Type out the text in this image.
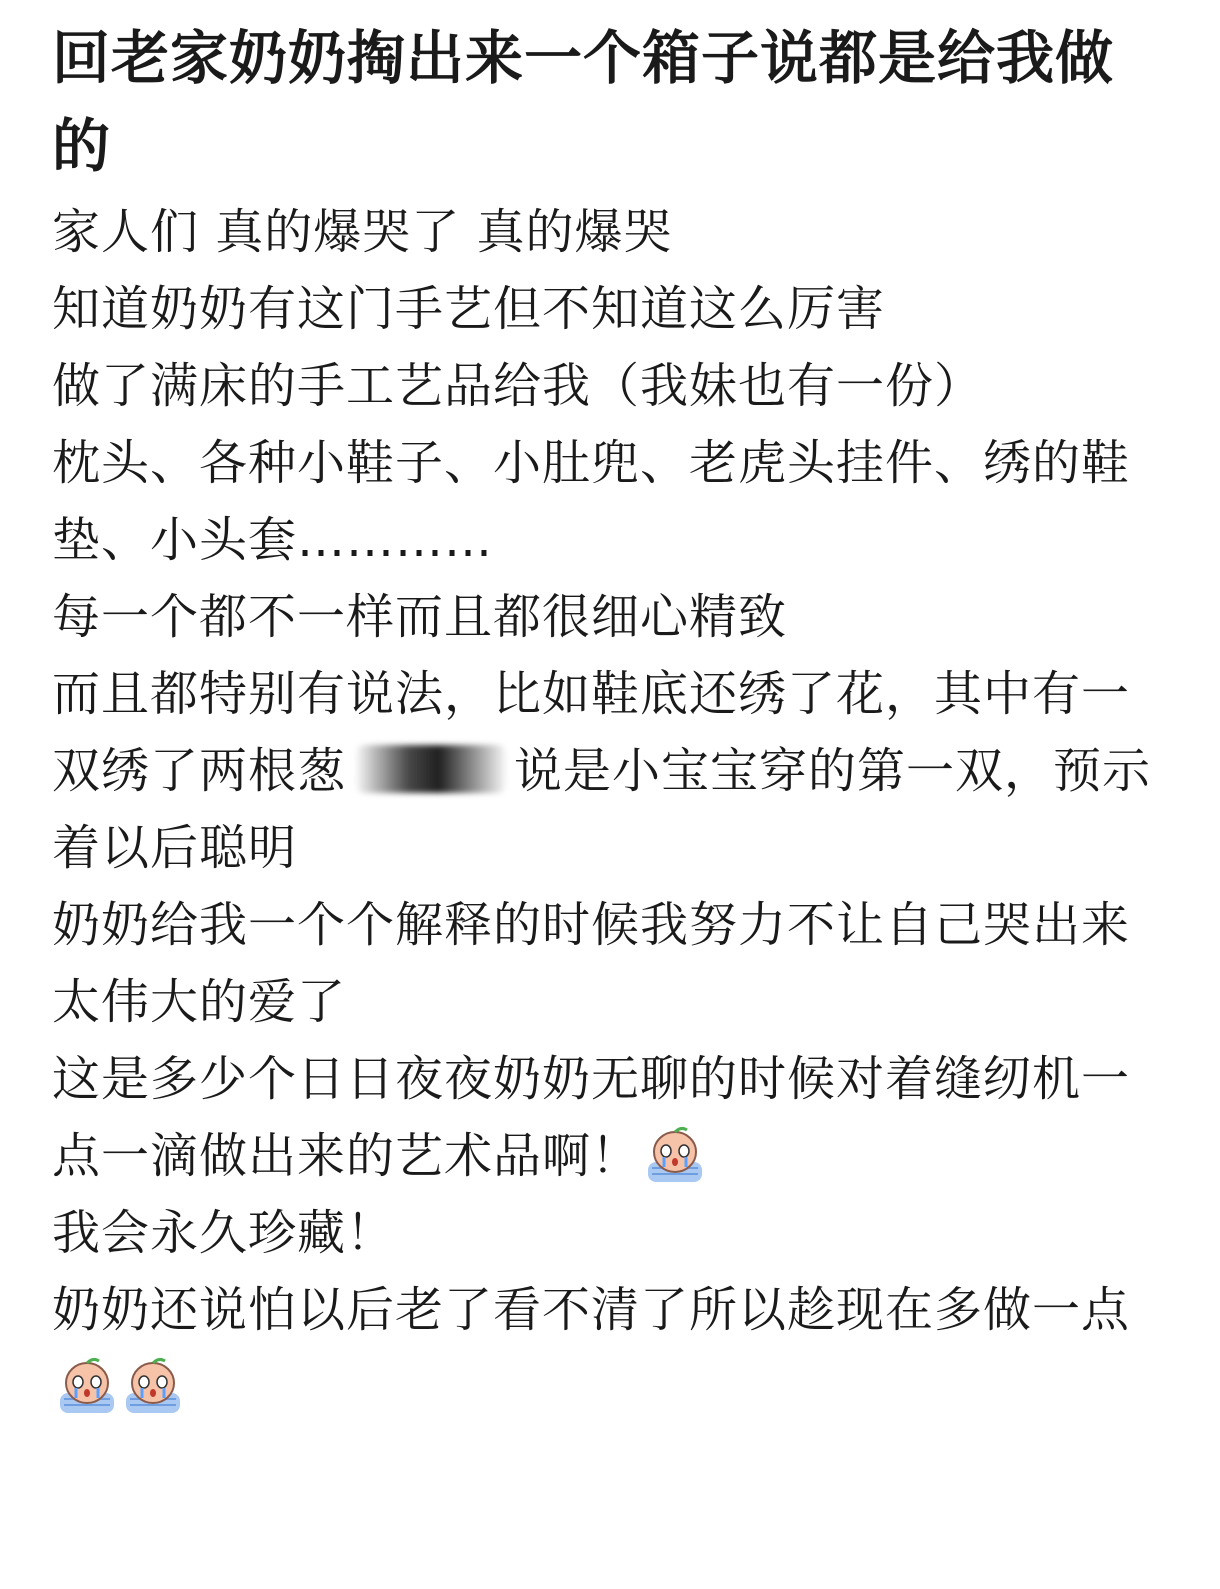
回老家奶奶掏出来一个箱子说都是给我做的
家人们 真的爆哭了 真的爆哭
知道奶奶有这门手艺但不知道这么厉害
做了满床的手工艺品给我（我妹也有一份）
枕头、各种小鞋子、小肚兜、老虎头挂件、绣的鞋垫、小头套…………
每一个都不一样而且都很细心精致
而且都特别有说法，比如鞋底还绣了花，其中有一双绣了两根葱	说是小宝宝穿的第一双，预示着以后聪明
奶奶给我一个个解释的时候我努力不让自己哭出来
太伟大的爱了
这是多少个日日夜夜奶奶无聊的时候对着缝纫机一点一滴做出来的艺术品啊！
我会永久珍藏！
奶奶还说怕以后老了看不清了所以趁现在多做一点
